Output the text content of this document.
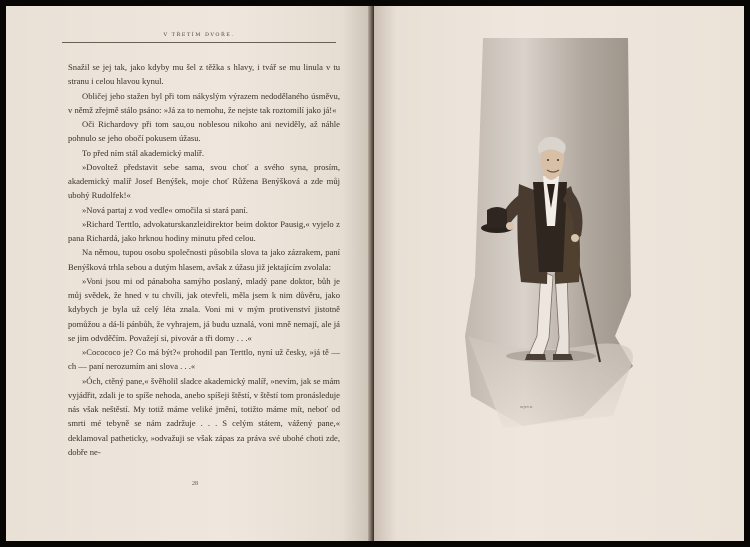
V TŘETÍM DVOŘE.

Snažil se jej tak, jako kdyby mu šel z těžka s hlavy, i tvář se mu linula v tu stranu i celou hlavou kynul.

Obličej jeho stažen byl při tom nákyslým výrazem nedodělaného úsměvu, v němž zřejmě stálo psáno: »Já za to nemohu, že nejste tak roztomilí jako já!«

Oči Richardovy při tom sau,ou noblesou nikoho ani neviděly, až náhle pohnulo se jeho obočí pokusem úžasu.

To před ním stál akademický malíř.

»Dovoltež představit sebe sama, svou choť a svého syna, prosím, akademický malíř Josef Benýšek, moje choť Růžena Benýšková a zde můj ubohý Rudolfek!«

»Nová partaj z vod vedle« omočila si stará paní.

»Richard Terttlo, advokaturskanzleidirektor beim doktor Pausig,« vyjelo z pana Richardá, jako hrknou hodiny minutu před celou.

Na němou, tupou osobu společnosti působila slova ta jako zázrakem, paní Benýšková trhla sebou a dutým hlasem, avšak z úžasu již jektajícím zvolala:

»Voni jsou mi od pánaboha samýho poslaný, mladý pane doktor, bůh je můj svědek, že hned v tu chvíli, jak otevřeli, měla jsem k nim důvěru, jako kdybych je byla už celý léta znala. Voni mi v mým protivenství jistotně pomůžou a dá-li pánbůh, že vyhrajem, já budu uznalá, voni mně nemají, ale já se jim odvděčím. Považejí si, pivovár a tři domy . . .«

»Cocococo je? Co má být?« prohodil pan Terttlo, nyní už česky, »já tě — ch — paní nerozumím ani slova . . .«

»Óch, ctěný pane,« švěholil sladce akademický malíř, »nevím, jak se mám vyjádřit, zdali je to spíše nehoda, anebo spíšeji štěstí, v štěstí tom pronásleduje nás však neštěstí. My totiž máme veliké jmění, totižto máme mít, neboť od smrti mé tebyně se nám zadržuje . . . S celým státem, vážený pane,« deklamoval patheticky, »odvažuji se však zápas za práva své ubohé choti zde, dobře ne-

28
nejen st.
